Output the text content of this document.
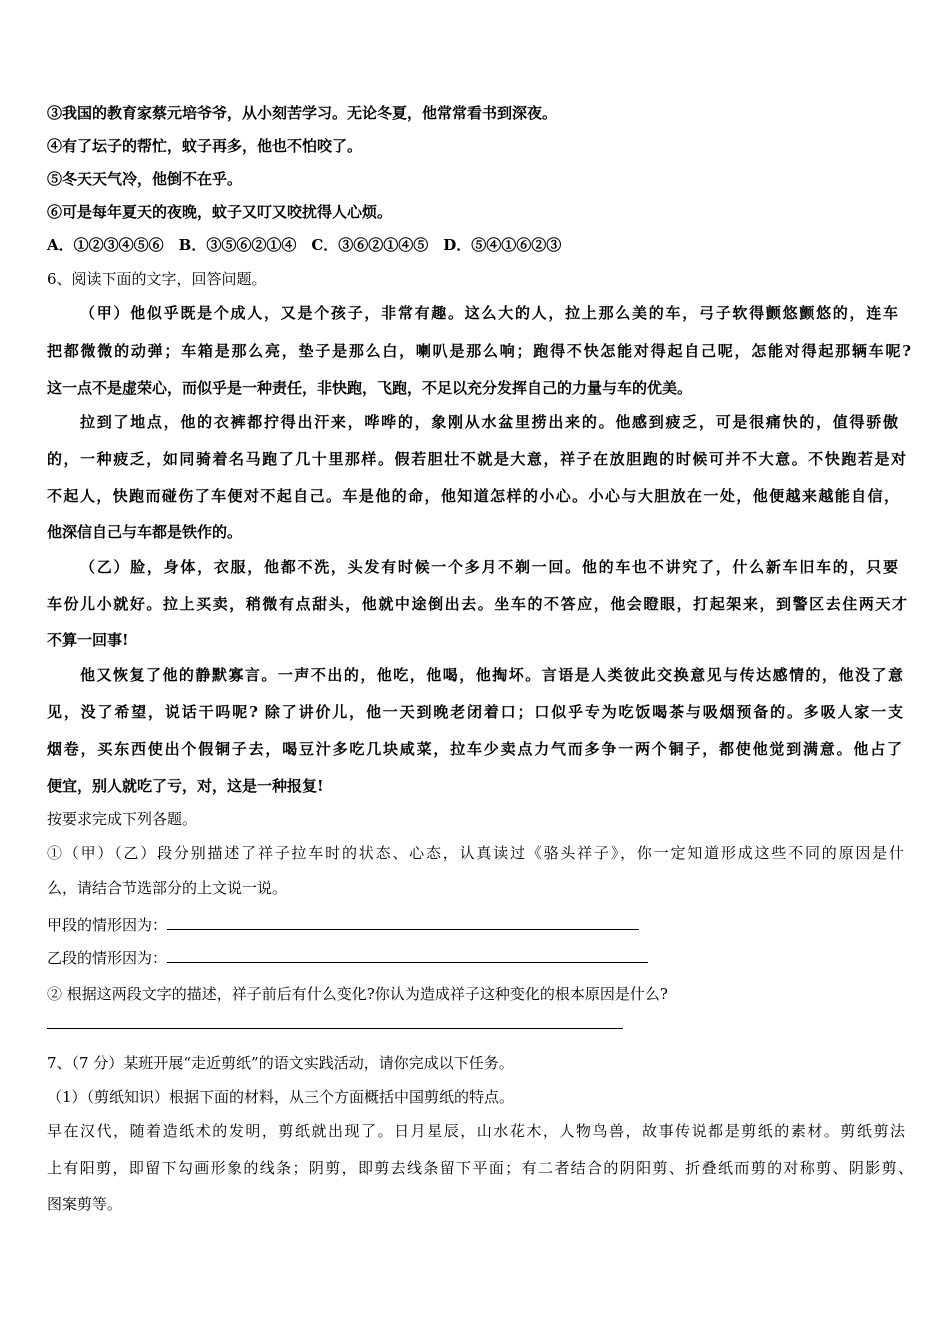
③我国的教育家蔡元培爷爷，从小刻苦学习。无论冬夏，他常常看书到深夜。
④有了坛子的帮忙，蚊子再多，他也不怕咬了。
⑤冬天天气冷，他倒不在乎。
⑥可是每年夏天的夜晚，蚊子又叮又咬扰得人心烦。
A．①②③④⑤⑥　B．③⑤⑥②①④　C．③⑥②①④⑤　D．⑤④①⑥②③
6、阅读下面的文字，回答问题。
（甲）他似乎既是个成人，又是个孩子，非常有趣。这么大的人，拉上那么美的车，弓子软得颤悠颤悠的，连车
把都微微的动弹；车箱是那么亮，垫子是那么白，喇叭是那么响；跑得不快怎能对得起自己呢，怎能对得起那辆车呢?
这一点不是虚荣心，而似乎是一种责任，非快跑，飞跑，不足以充分发挥自己的力量与车的优美。
拉到了地点，他的衣裤都拧得出汗来，哗哗的，象刚从水盆里捞出来的。他感到疲乏，可是很痛快的，值得骄傲
的，一种疲乏，如同骑着名马跑了几十里那样。假若胆壮不就是大意，祥子在放胆跑的时候可并不大意。不快跑若是对
不起人，快跑而碰伤了车便对不起自己。车是他的命，他知道怎样的小心。小心与大胆放在一处，他便越来越能自信，
他深信自己与车都是铁作的。
（乙）脸，身体，衣服，他都不洗，头发有时候一个多月不剃一回。他的车也不讲究了，什么新车旧车的，只要
车份儿小就好。拉上买卖，稍微有点甜头，他就中途倒出去。坐车的不答应，他会瞪眼，打起架来，到警区去住两天才
不算一回事!
他又恢复了他的静默寡言。一声不出的，他吃，他喝，他掏坏。言语是人类彼此交换意见与传达感情的，他没了意
见，没了希望，说话干吗呢? 除了讲价儿，他一天到晚老闭着口；口似乎专为吃饭喝茶与吸烟预备的。多吸人家一支
烟卷，买东西使出个假铜子去，喝豆汁多吃几块咸菜，拉车少卖点力气而多争一两个铜子，都使他觉到满意。他占了
便宜，别人就吃了亏，对，这是一种报复!
按要求完成下列各题。
①（甲）（乙）段分别描述了祥子拉车时的状态、心态，认真读过《骆头祥子》，你一定知道形成这些不同的原因是什
么，请结合节选部分的上文说一说。
甲段的情形因为：
乙段的情形因为：
② 根据这两段文字的描述，祥子前后有什么变化?你认为造成祥子这种变化的根本原因是什么?
7、（7 分）某班开展“走近剪纸”的语文实践活动，请你完成以下任务。
（1）（剪纸知识）根据下面的材料，从三个方面概括中国剪纸的特点。
早在汉代，随着造纸术的发明，剪纸就出现了。日月星辰，山水花木，人物鸟兽，故事传说都是剪纸的素材。剪纸剪法
上有阳剪，即留下勾画形象的线条；阴剪，即剪去线条留下平面；有二者结合的阴阳剪、折叠纸而剪的对称剪、阴影剪、
图案剪等。
